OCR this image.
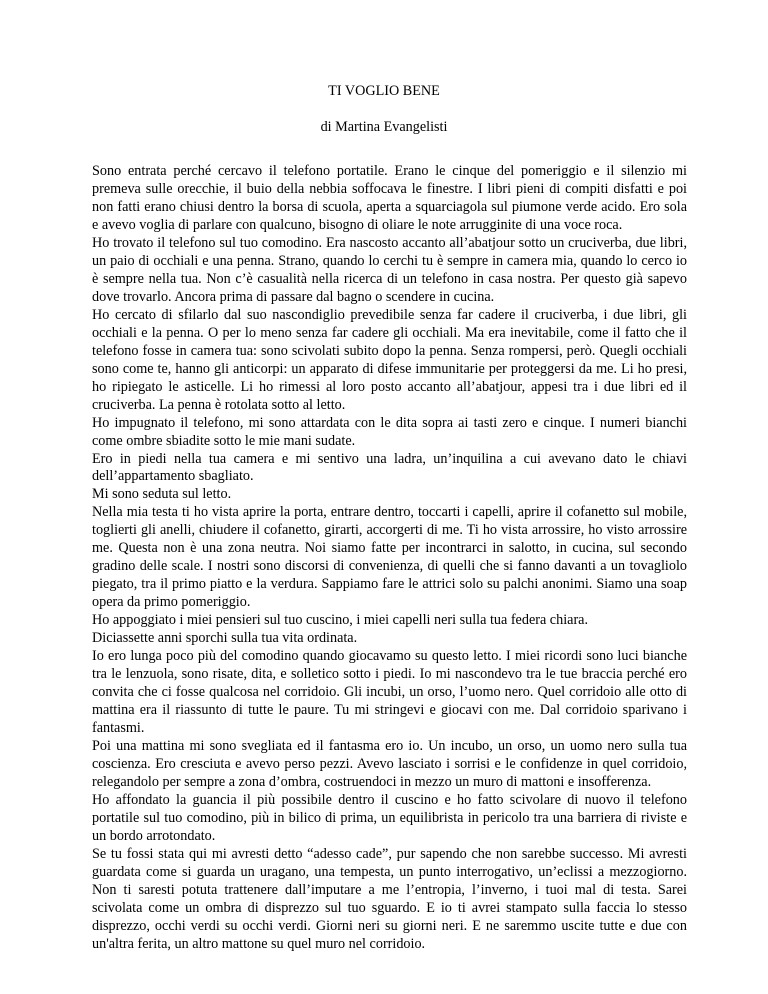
TI VOGLIO BENE
di Martina Evangelisti

Sono entrata perché cercavo il telefono portatile. Erano le cinque del pomeriggio e il silenzio mi premeva sulle orecchie, il buio della nebbia soffocava le finestre. I libri pieni di compiti disfatti e poi non fatti erano chiusi dentro la borsa di scuola, aperta a squarciagola sul piumone verde acido. Ero sola e avevo voglia di parlare con qualcuno, bisogno di oliare le note arrugginite di una voce roca.

Ho trovato il telefono sul tuo comodino. Era nascosto accanto all’abatjour sotto un cruciverba, due libri, un paio di occhiali e una penna. Strano, quando lo cerchi tu è sempre in camera mia, quando lo cerco io è sempre nella tua. Non c’è casualità nella ricerca di un telefono in casa nostra. Per questo già sapevo dove trovarlo. Ancora prima di passare dal bagno o scendere in cucina.

Ho cercato di sfilarlo dal suo nascondiglio prevedibile senza far cadere il cruciverba, i due libri, gli occhiali e la penna. O per lo meno senza far cadere gli occhiali. Ma era inevitabile, come il fatto che il telefono fosse in camera tua: sono scivolati subito dopo la penna. Senza rompersi, però. Quegli occhiali sono come te, hanno gli anticorpi: un apparato di difese immunitarie per proteggersi da me. Li ho presi, ho ripiegato le asticelle. Li ho rimessi al loro posto accanto all’abatjour, appesi tra i due libri ed il cruciverba. La penna è rotolata sotto al letto.

Ho impugnato il telefono, mi sono attardata con le dita sopra ai tasti zero e cinque. I numeri bianchi come ombre sbiadite sotto le mie mani sudate.

Ero in piedi nella tua camera e mi sentivo una ladra, un’inquilina a cui avevano dato le chiavi dell’appartamento sbagliato.

Mi sono seduta sul letto.

Nella mia testa ti ho vista aprire la porta, entrare dentro, toccarti i capelli, aprire il cofanetto sul mobile, toglierti gli anelli, chiudere il cofanetto, girarti, accorgerti di me. Ti ho vista arrossire, ho visto arrossire me. Questa non è una zona neutra. Noi siamo fatte per incontrarci in salotto, in cucina, sul secondo gradino delle scale. I nostri sono discorsi di convenienza, di quelli che si fanno davanti a un tovagliolo piegato, tra il primo piatto e la verdura. Sappiamo fare le attrici solo su palchi anonimi. Siamo una soap opera da primo pomeriggio.

Ho appoggiato i miei pensieri sul tuo cuscino, i miei capelli neri sulla tua federa chiara.

Diciassette anni sporchi sulla tua vita ordinata.

Io ero lunga poco più del comodino quando giocavamo su questo letto. I miei ricordi sono luci bianche tra le lenzuola, sono risate, dita, e solletico sotto i piedi. Io mi nascondevo tra le tue braccia perché ero convita che ci fosse qualcosa nel corridoio. Gli incubi, un orso, l’uomo nero. Quel corridoio alle otto di mattina era il riassunto di tutte le paure. Tu mi stringevi e giocavi con me. Dal corridoio sparivano i fantasmi.

Poi una mattina mi sono svegliata ed il fantasma ero io. Un incubo, un orso, un uomo nero sulla tua coscienza. Ero cresciuta e avevo perso pezzi. Avevo lasciato i sorrisi e le confidenze in quel corridoio, relegandolo per sempre a zona d’ombra, costruendoci in mezzo un muro di mattoni e insofferenza.

Ho affondato la guancia il più possibile dentro il cuscino e ho fatto scivolare di nuovo il telefono portatile sul tuo comodino, più in bilico di prima, un equilibrista in pericolo tra una barriera di riviste e un bordo arrotondato.

Se tu fossi stata qui mi avresti detto “adesso cade”, pur sapendo che non sarebbe successo. Mi avresti guardata come si guarda un uragano, una tempesta, un punto interrogativo, un’eclissi a mezzogiorno. Non ti saresti potuta trattenere dall’imputare a me l’entropia, l’inverno, i tuoi mal di testa. Sarei scivolata come un ombra di disprezzo sul tuo sguardo. E io ti avrei stampato sulla faccia lo stesso disprezzo, occhi verdi su occhi verdi. Giorni neri su giorni neri. E ne saremmo uscite tutte e due con un'altra ferita, un altro mattone su quel muro nel corridoio.
